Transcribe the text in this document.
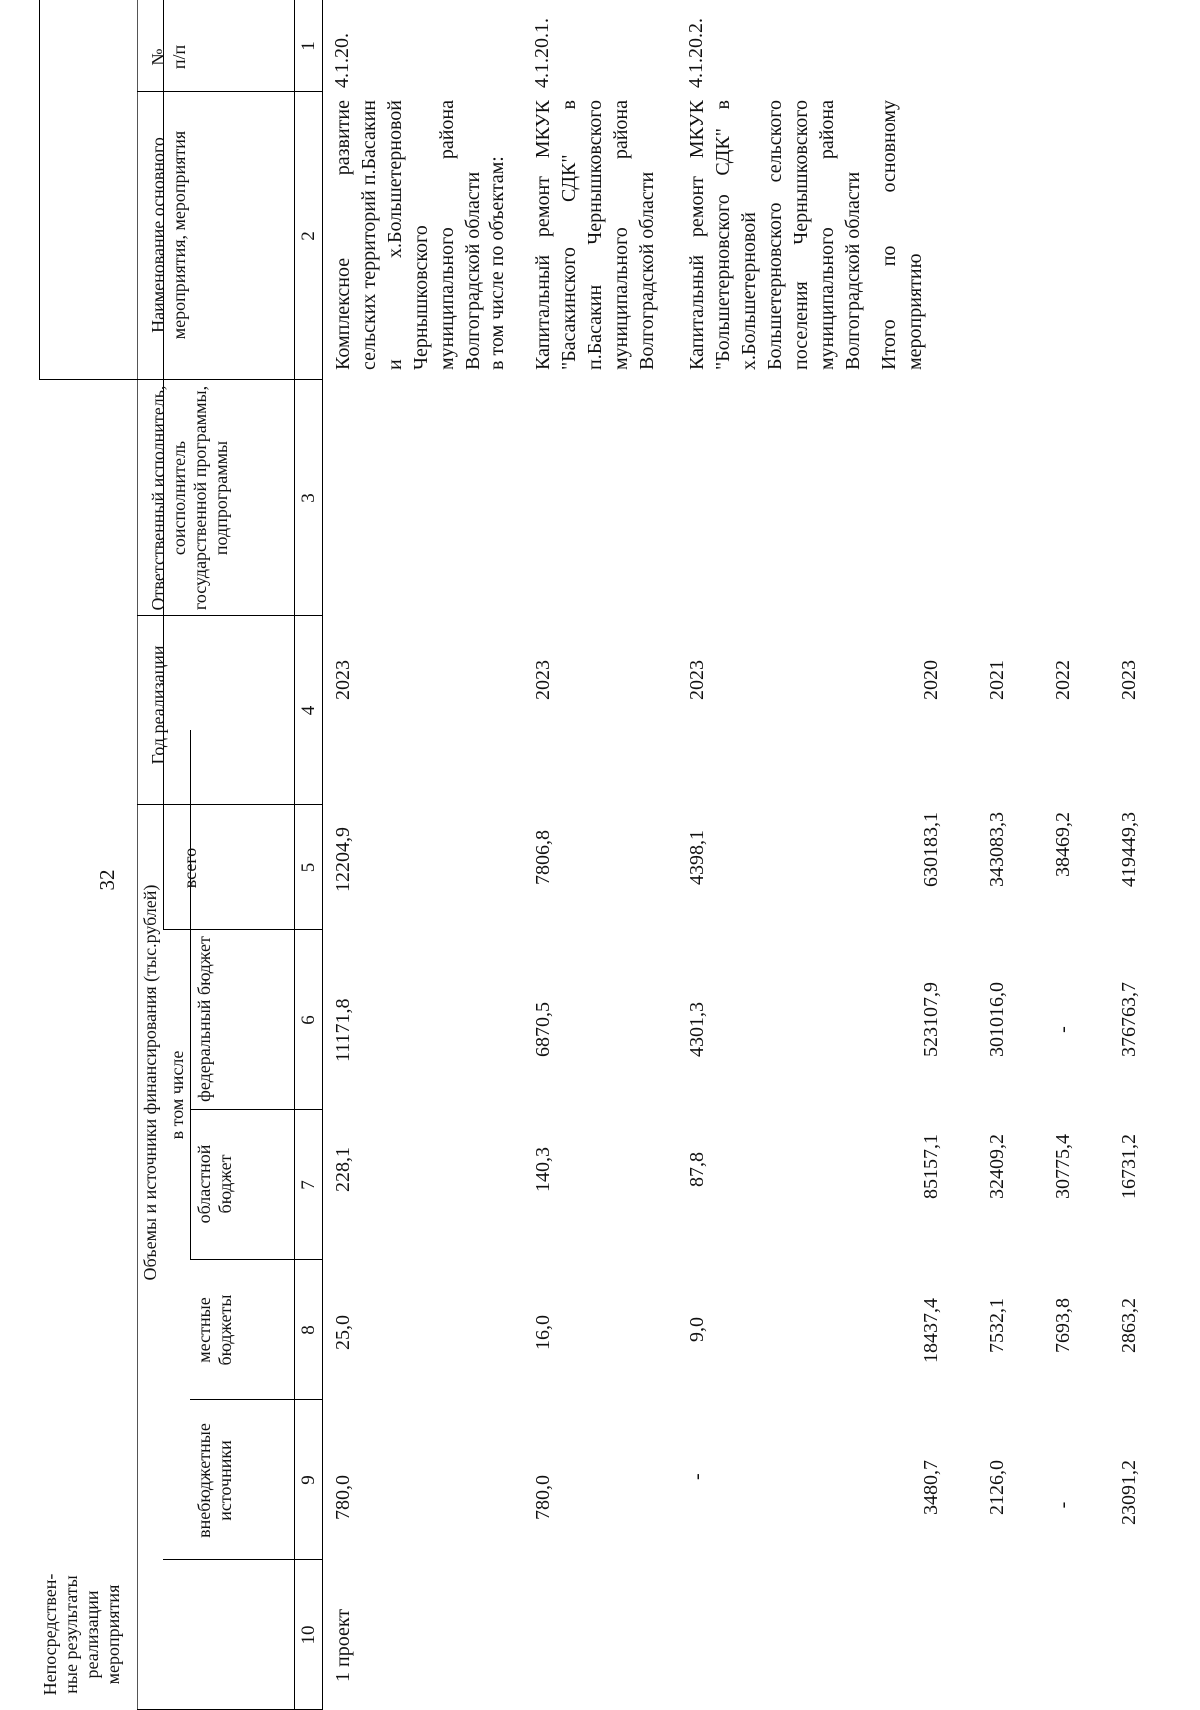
32
№
п/п
Наименование основного мероприятия, мероприятия
Ответственный исполнитель, соисполнитель государственной программы, подпрограммы
Год реализации
Объемы и источники финансирования (тыс.рублей)
всего
в том числе федеральный бюджет
областной бюджет
местные бюджеты
внебюджетные источники
Непосредствен-ные результаты реализации мероприятия
1
2
3
4
5
6
7
8
9
10
4.1.20.
Комплексное развитие сельских территорий п.Басакин и х.Большетерновой Чернышковского муниципального района Волгоградской области
2023
12204,9
11171,8
228,1
25,0
780,0
1 проект
в том числе по объектам:
4.1.20.1.
Капитальный ремонт МКУК "Басакинского СДК" в п.Басакин Чернышковского муниципального района Волгоградской области
2023
7806,8
6870,5
140,3
16,0
780,0
4.1.20.2.
Капитальный ремонт МКУК "Большетерновского СДК" в х.Большетерновой Большетерновского сельского поселения Чернышковского муниципального района Волгоградской области
2023
4398,1
4301,3
87,8
9,0
-
Итого по основному мероприятию

2020

2021

2022

2023

630183,1

343083,3

38469,2

419449,3

523107,9

301016,0

-

376763,7

85157,1

32409,2

30775,4

16731,2

18437,4

7532,1

7693,8

2863,2

3480,7

2126,0

-

23091,2
